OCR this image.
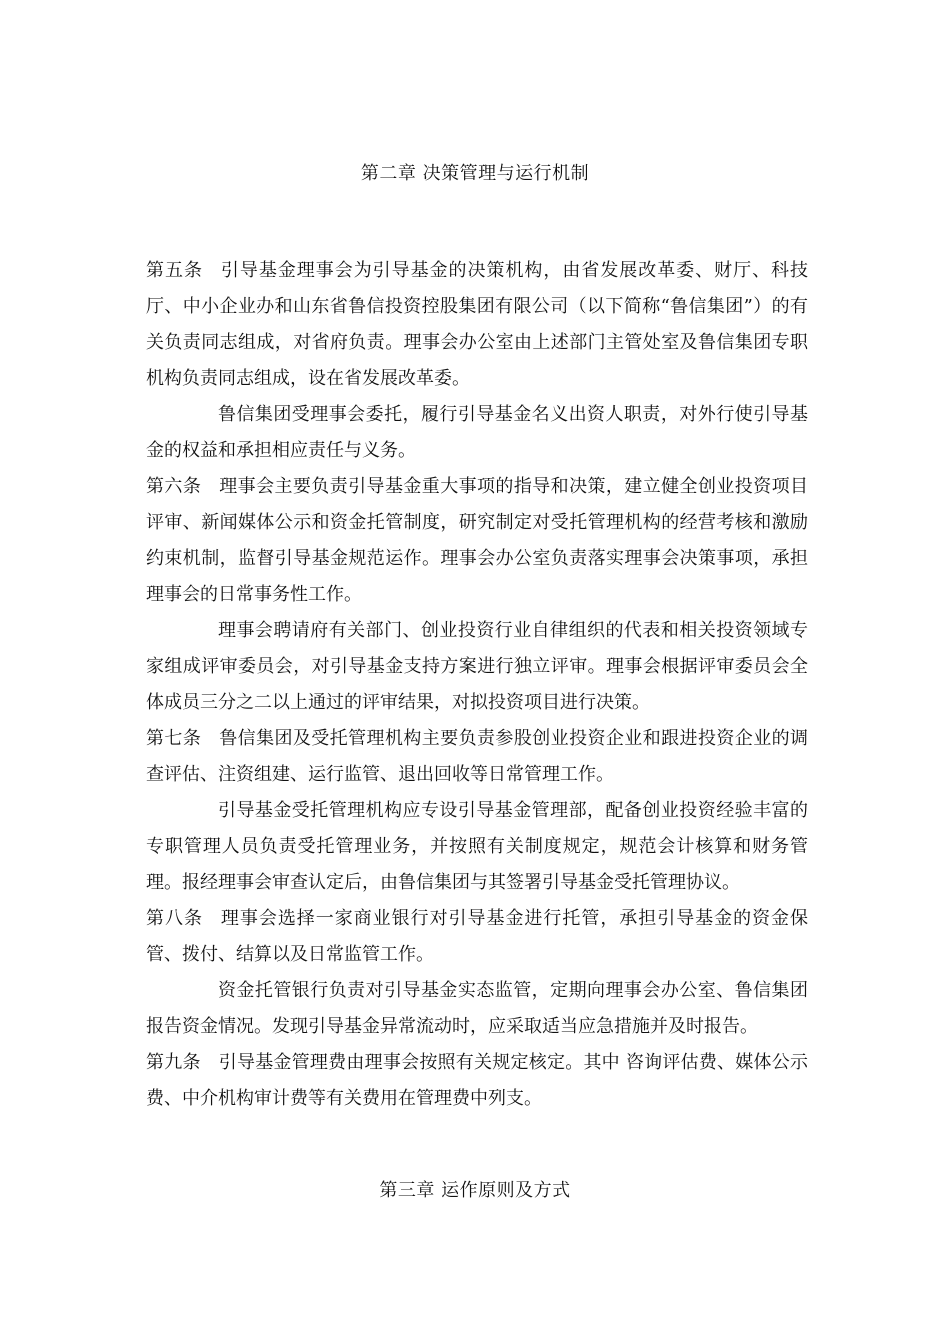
第二章 决策管理与运行机制

第五条 引导基金理事会为引导基金的决策机构，由省发展改革委、财厅、科技厅、中小企业办和山东省鲁信投资控股集团有限公司（以下简称“鲁信集团”）的有关负责同志组成，对省府负责。理事会办公室由上述部门主管处室及鲁信集团专职机构负责同志组成，设在省发展改革委。

鲁信集团受理事会委托，履行引导基金名义出资人职责，对外行使引导基金的权益和承担相应责任与义务。

第六条 理事会主要负责引导基金重大事项的指导和决策，建立健全创业投资项目评审、新闻媒体公示和资金托管制度，研究制定对受托管理机构的经营考核和激励约束机制，监督引导基金规范运作。理事会办公室负责落实理事会决策事项，承担理事会的日常事务性工作。

理事会聘请府有关部门、创业投资行业自律组织的代表和相关投资领域专家组成评审委员会，对引导基金支持方案进行独立评审。理事会根据评审委员会全体成员三分之二以上通过的评审结果，对拟投资项目进行决策。

第七条 鲁信集团及受托管理机构主要负责参股创业投资企业和跟进投资企业的调查评估、注资组建、运行监管、退出回收等日常管理工作。

引导基金受托管理机构应专设引导基金管理部，配备创业投资经验丰富的专职管理人员负责受托管理业务，并按照有关制度规定，规范会计核算和财务管理。报经理事会审查认定后，由鲁信集团与其签署引导基金受托管理协议。

第八条 理事会选择一家商业银行对引导基金进行托管，承担引导基金的资金保管、拨付、结算以及日常监管工作。

资金托管银行负责对引导基金实态监管，定期向理事会办公室、鲁信集团报告资金情况。发现引导基金异常流动时，应采取适当应急措施并及时报告。

第九条 引导基金管理费由理事会按照有关规定核定。其中 咨询评估费、媒体公示费、中介机构审计费等有关费用在管理费中列支。

第三章 运作原则及方式
